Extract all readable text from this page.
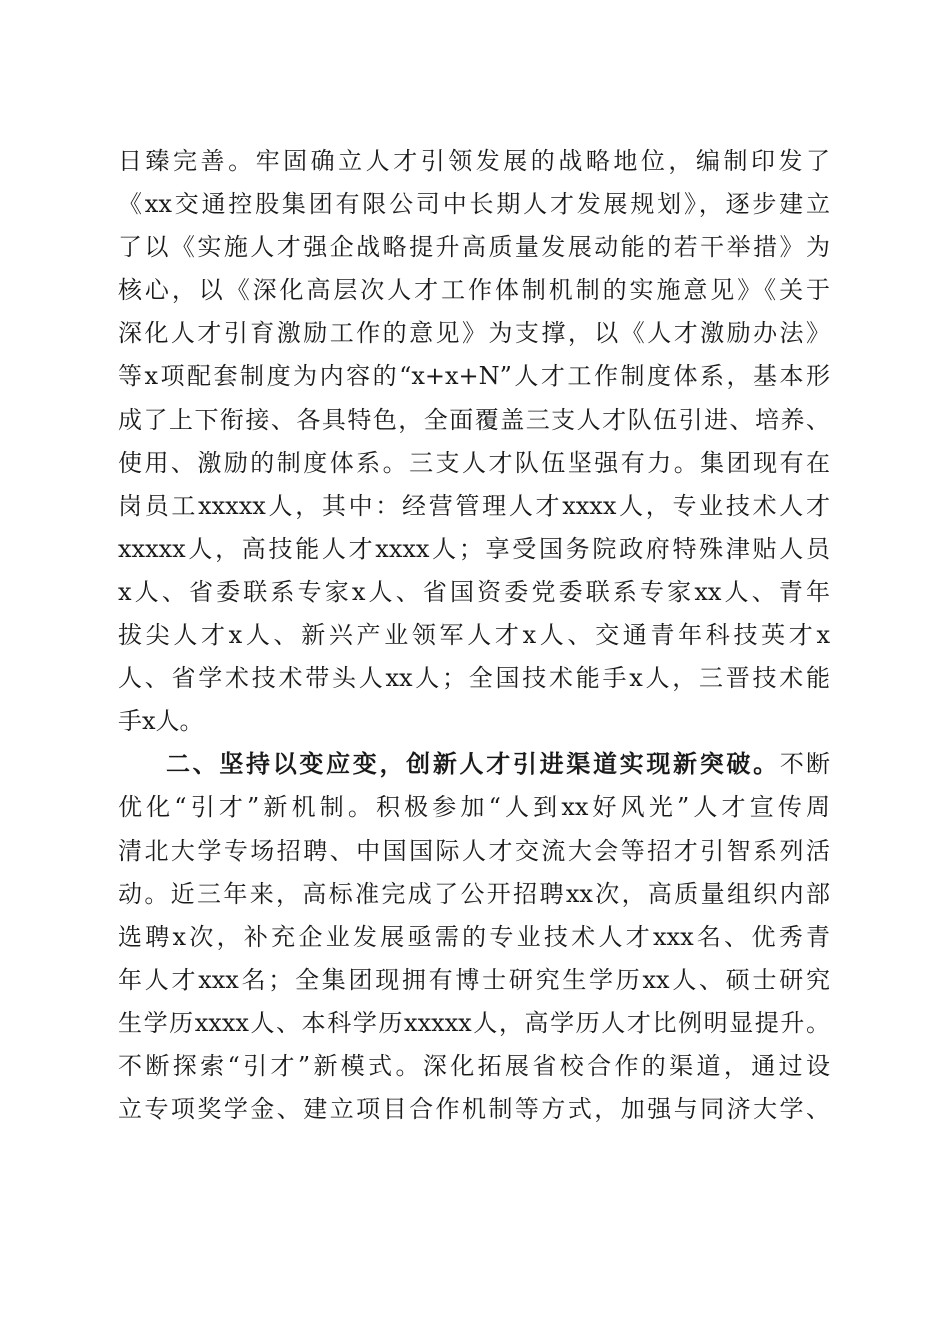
日臻完善。牢固确立人才引领发展的战略地位，编制印发了
《xx交通控股集团有限公司中长期人才发展规划》，逐步建立
了以《实施人才强企战略提升高质量发展动能的若干举措》为
核心，以《深化高层次人才工作体制机制的实施意见》《关于
深化人才引育激励工作的意见》为支撑，以《人才激励办法》
等x项配套制度为内容的“x+x+N”人才工作制度体系，基本形
成了上下衔接、各具特色，全面覆盖三支人才队伍引进、培养、
使用、激励的制度体系。三支人才队伍坚强有力。集团现有在
岗员工xxxxx人，其中：经营管理人才xxxx人，专业技术人才
xxxxx人，高技能人才xxxx人；享受国务院政府特殊津贴人员
x人、省委联系专家x人、省国资委党委联系专家xx人、青年
拔尖人才x人、新兴产业领军人才x人、交通青年科技英才x
人、省学术技术带头人xx人；全国技术能手x人，三晋技术能
手x人。
二、坚持以变应变，创新人才引进渠道实现新突破。不断
优化“引才”新机制。积极参加“人到xx好风光”人才宣传周
清北大学专场招聘、中国国际人才交流大会等招才引智系列活
动。近三年来，高标准完成了公开招聘xx次，高质量组织内部
选聘x次，补充企业发展亟需的专业技术人才xxx名、优秀青
年人才xxx名；全集团现拥有博士研究生学历xx人、硕士研究
生学历xxxx人、本科学历xxxxx人，高学历人才比例明显提升。
不断探索“引才”新模式。深化拓展省校合作的渠道，通过设
立专项奖学金、建立项目合作机制等方式，加强与同济大学、
